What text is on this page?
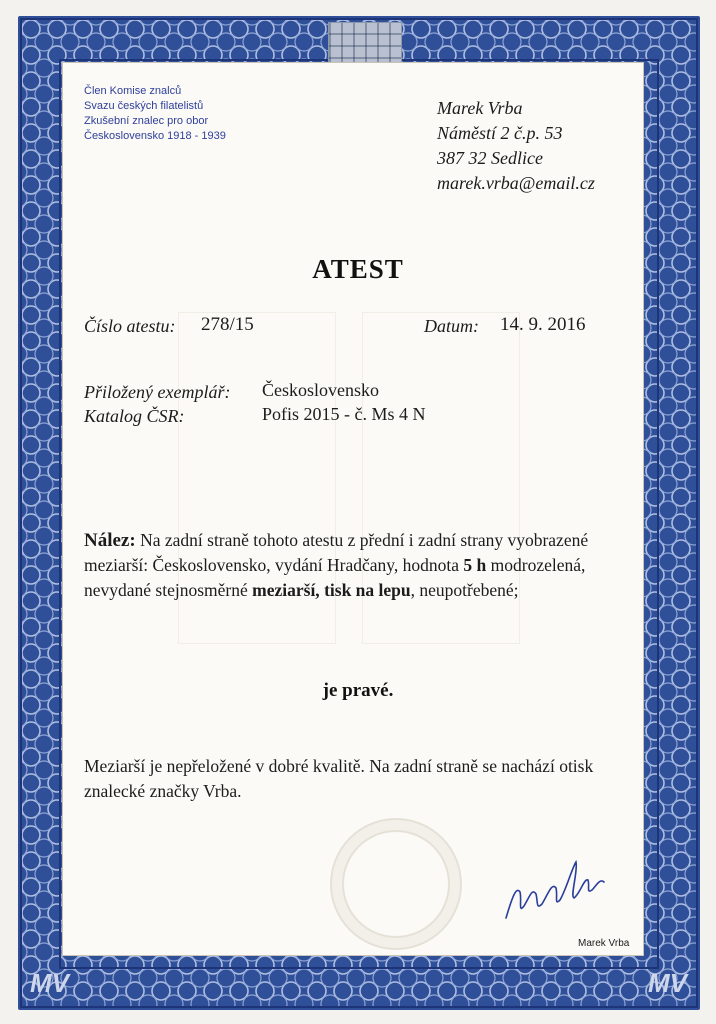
Člen Komise znalců
Svazu českých filatelistů
Zkušební znalec pro obor
Československo 1918 - 1939
Marek Vrba
Náměstí 2 č.p. 53
387 32 Sedlice
marek.vrba@email.cz
ATEST
Číslo atestu: 278/15	Datum: 14. 9. 2016
Přiložený exemplář: Československo
Katalog ČSR:	Pofis 2015 - č. Ms 4 N
Nález: Na zadní straně tohoto atestu z přední i zadní strany vyobrazené meziarší: Československo, vydání Hradčany, hodnota 5 h modrozelená, nevydané stejnosměrné meziarší, tisk na lepu, neupotřebené;
je pravé.
Meziarší je nepřeložené v dobré kvalitě. Na zadní straně se nachází otisk znalecké značky Vrba.
Marek Vrba
MV	MV
